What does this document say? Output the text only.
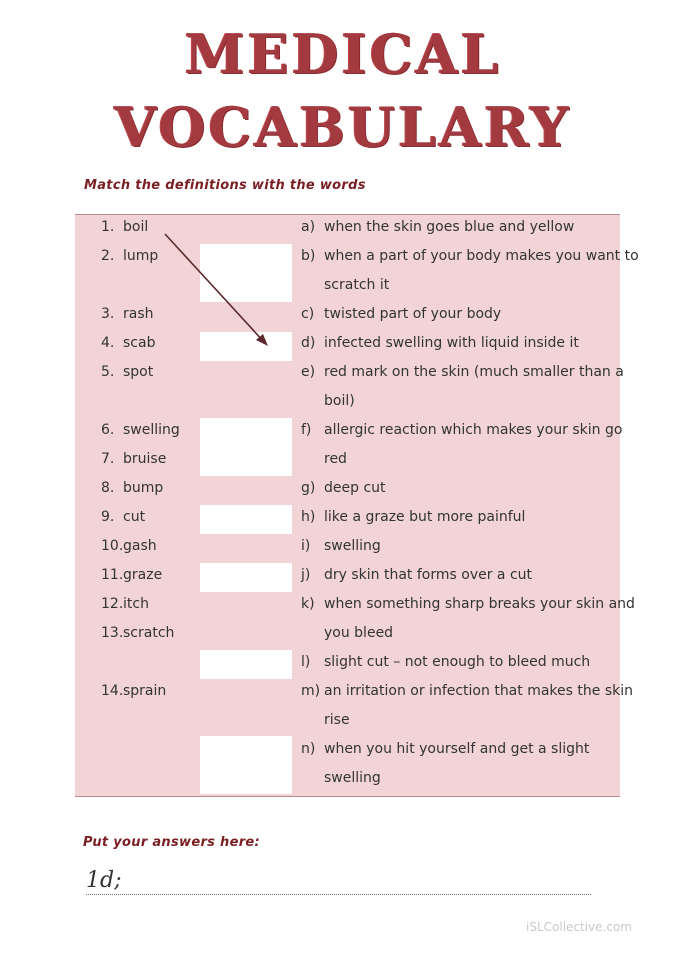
MEDICAL
VOCABULARY
Match the definitions with the words
1. boil
2. lump
3. rash
4. scab
5. spot
6. swelling
7. bruise
8. bump
9. cut
10. gash
11. graze
12. itch
13. scratch
14. sprain
a) when the skin goes blue and yellow
b) when a part of your body makes you want to
scratch it
c) twisted part of your body
d) infected swelling with liquid inside it
e) red mark on the skin (much smaller than a
boil)
f) allergic reaction which makes your skin go
red
g) deep cut
h) like a graze but more painful
i) swelling
j) dry skin that forms over a cut
k) when something sharp breaks your skin and
you bleed
l) slight cut – not enough to bleed much
m) an irritation or infection that makes the skin
rise
n) when you hit yourself and get a slight
swelling
Put your answers here:
1d;
iSLCollective.com
